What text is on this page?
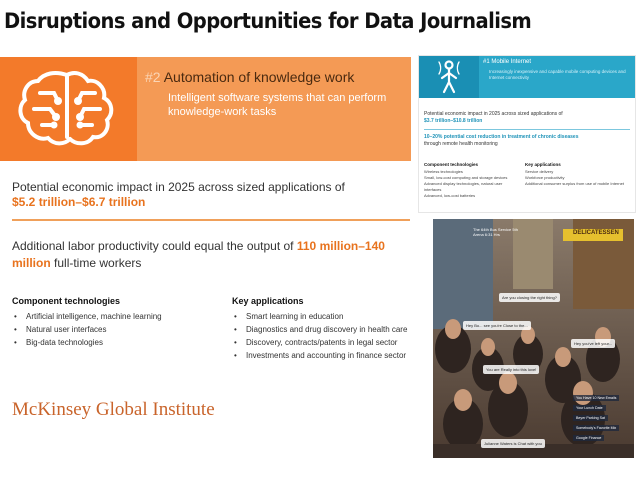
Disruptions and Opportunities for Data Journalism
#2 Automation of knowledge work
Intelligent software systems that can perform knowledge-work tasks
Potential economic impact in 2025 across sized applications of
$5.2 trillion–$6.7 trillion
Additional labor productivity could equal the output of 110 million–140 million full-time workers
Component technologies
• Artificial intelligence, machine learning
• Natural user interfaces
• Big-data technologies
Key applications
• Smart learning in education
• Diagnostics and drug discovery in health care
• Discovery, contracts/patents in legal sector
• Investments and accounting in finance sector
McKinsey Global Institute
#1 Mobile Internet
Increasingly inexpensive and capable mobile computing devices and Internet connectivity
Potential economic impact in 2025 across sized applications of
$3.7 trillion–$10.8 trillion
10–20% potential cost reduction in treatment of chronic diseases
through remote health monitoring
Component technologies
Wireless technologies
Small, low-cost computing and storage devices
Advanced display technologies, natural user interfaces
Advanced, low-cost batteries
Key applications
Service delivery
Workforce productivity
Additional consumer surplus from use of mobile Internet
The 64th Bus Service 5th Arena 6:31 Hrs	DELICATESSEN
Are you closing the right thing?
Hey Bo... see you're Close to the...
Hey you've left your...
You are Really into this love!
Julianne Waters is Chat with you
You Have 10 New Emails
Your Lunch Date
Beyer Parking Sat
Somebody's Favorite Mix
Google Finance
